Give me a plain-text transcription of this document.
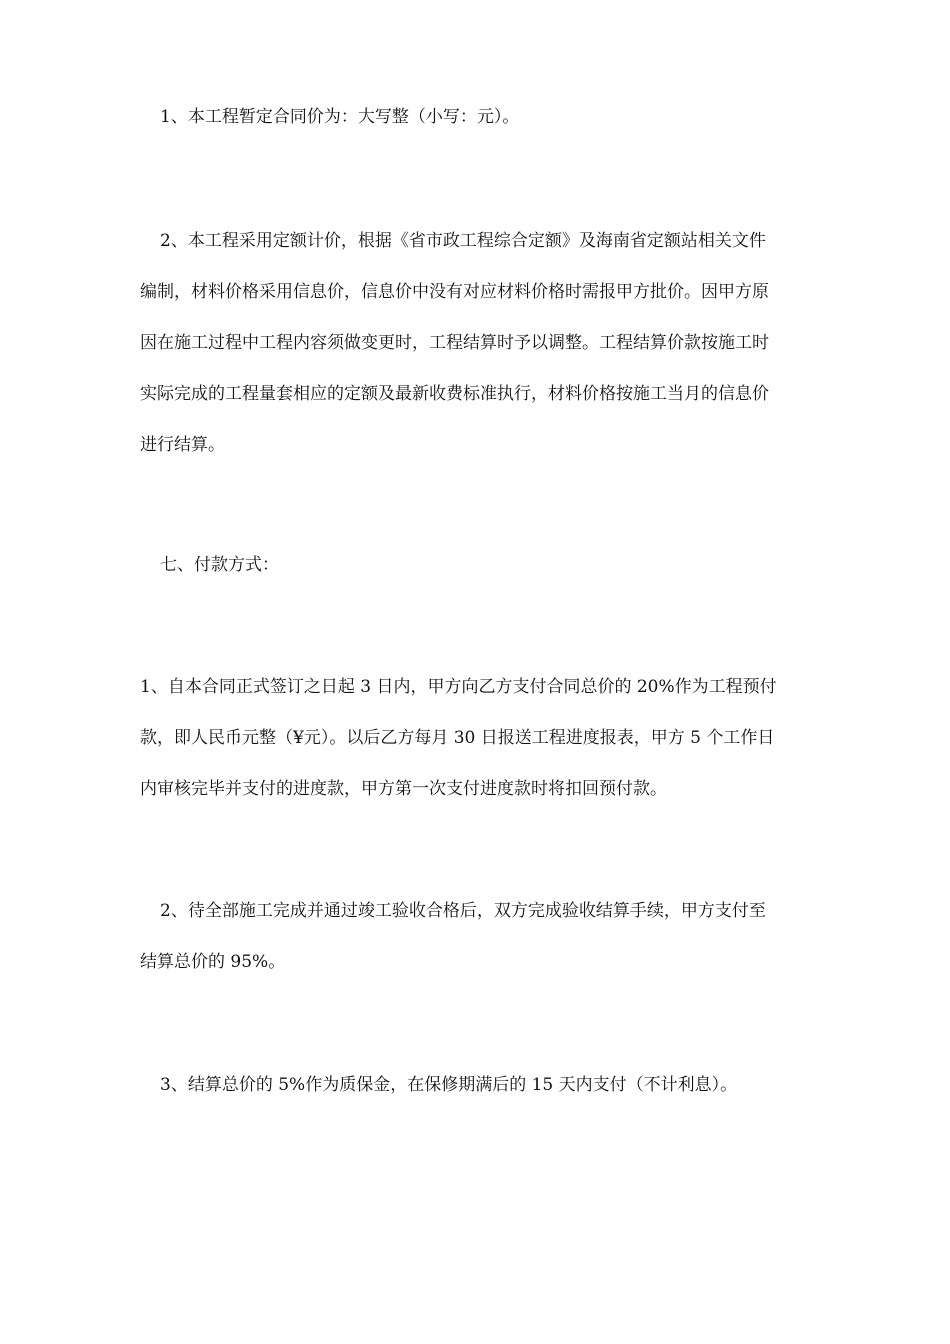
1、本工程暂定合同价为：大写整（小写：元）。

2、本工程采用定额计价，根据《省市政工程综合定额》及海南省定额站相关文件
编制，材料价格采用信息价，信息价中没有对应材料价格时需报甲方批价。因甲方原
因在施工过程中工程内容须做变更时，工程结算时予以调整。工程结算价款按施工时
实际完成的工程量套相应的定额及最新收费标准执行，材料价格按施工当月的信息价
进行结算。

七、付款方式：

1、自本合同正式签订之日起 3 日内，甲方向乙方支付合同总价的 20%作为工程预付
款，即人民币元整（¥元）。以后乙方每月 30 日报送工程进度报表，甲方 5 个工作日
内审核完毕并支付的进度款，甲方第一次支付进度款时将扣回预付款。

2、待全部施工完成并通过竣工验收合格后，双方完成验收结算手续，甲方支付至
结算总价的 95%。

3、结算总价的 5%作为质保金，在保修期满后的 15 天内支付（不计利息）。
